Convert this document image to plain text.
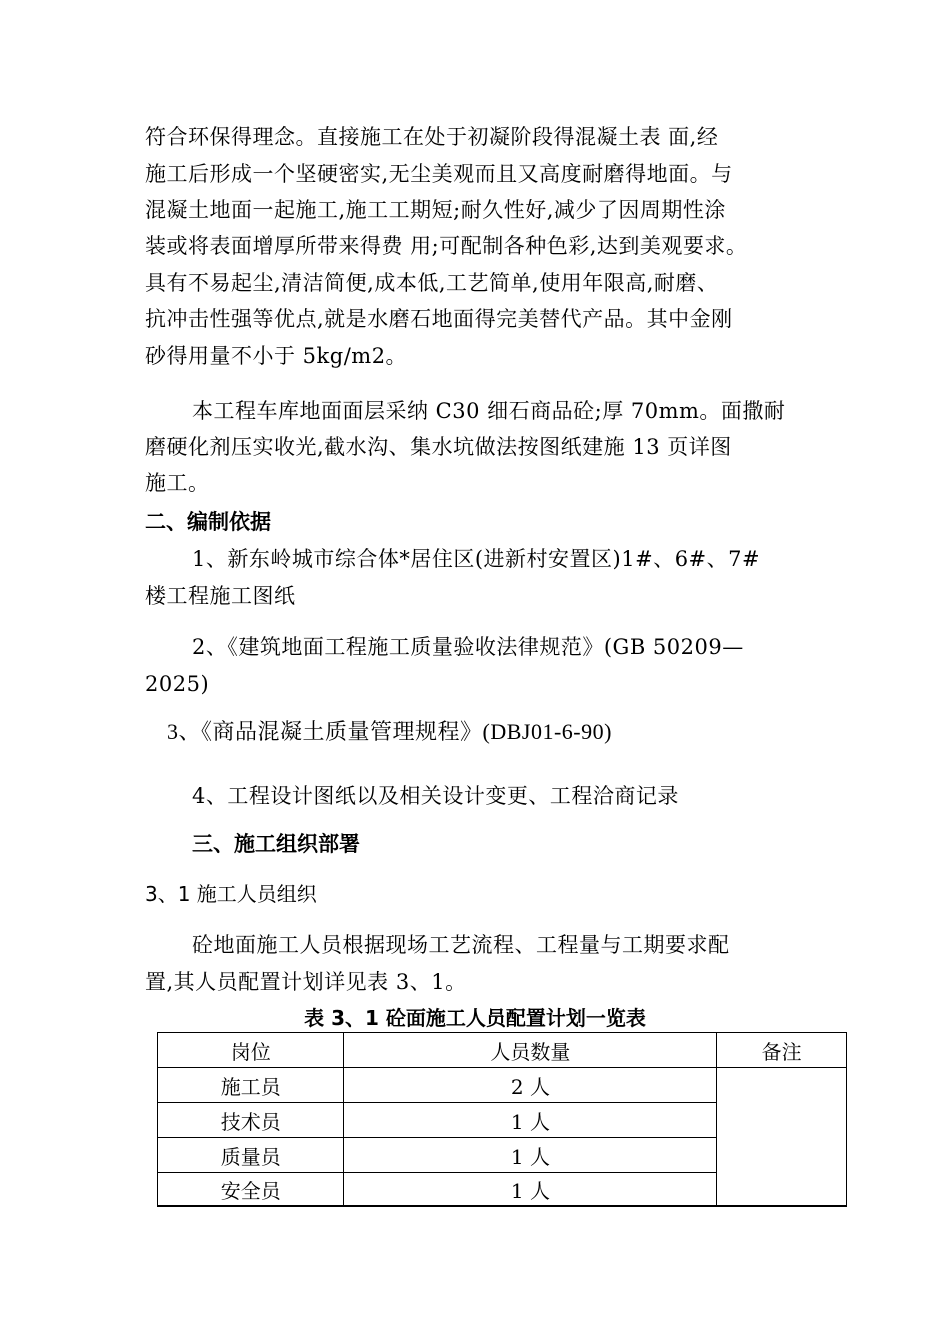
符合环保得理念。直接施工在处于初凝阶段得混凝土表 面,经
施工后形成一个坚硬密实,无尘美观而且又高度耐磨得地面。与
混凝土地面一起施工,施工工期短;耐久性好,减少了因周期性涂
装或将表面增厚所带来得费 用;可配制各种色彩,达到美观要求。
具有不易起尘,清洁简便,成本低,工艺简单,使用年限高,耐磨、
抗冲击性强等优点,就是水磨石地面得完美替代产品。其中金刚
砂得用量不小于 5kg/m2。
本工程车库地面面层采纳 C30 细石商品砼;厚 70mm。面撒耐
磨硬化剂压实收光,截水沟、集水坑做法按图纸建施 13 页详图
施工。
二、编制依据
1、新东岭城市综合体*居住区(进新村安置区)1#、6#、7#
楼工程施工图纸
2、《建筑地面工程施工质量验收法律规范》(GB 50209—
2025)
3、《商品混凝土质量管理规程》(DBJ01-6-90)
4、工程设计图纸以及相关设计变更、工程洽商记录
三、施工组织部署
3、1 施工人员组织
砼地面施工人员根据现场工艺流程、工程量与工期要求配
置,其人员配置计划详见表 3、1。
表 3、1 砼面施工人员配置计划一览表
岗位	人员数量	备注
施工员	2 人	
技术员	1 人	
质量员	1 人	
安全员	1 人	
